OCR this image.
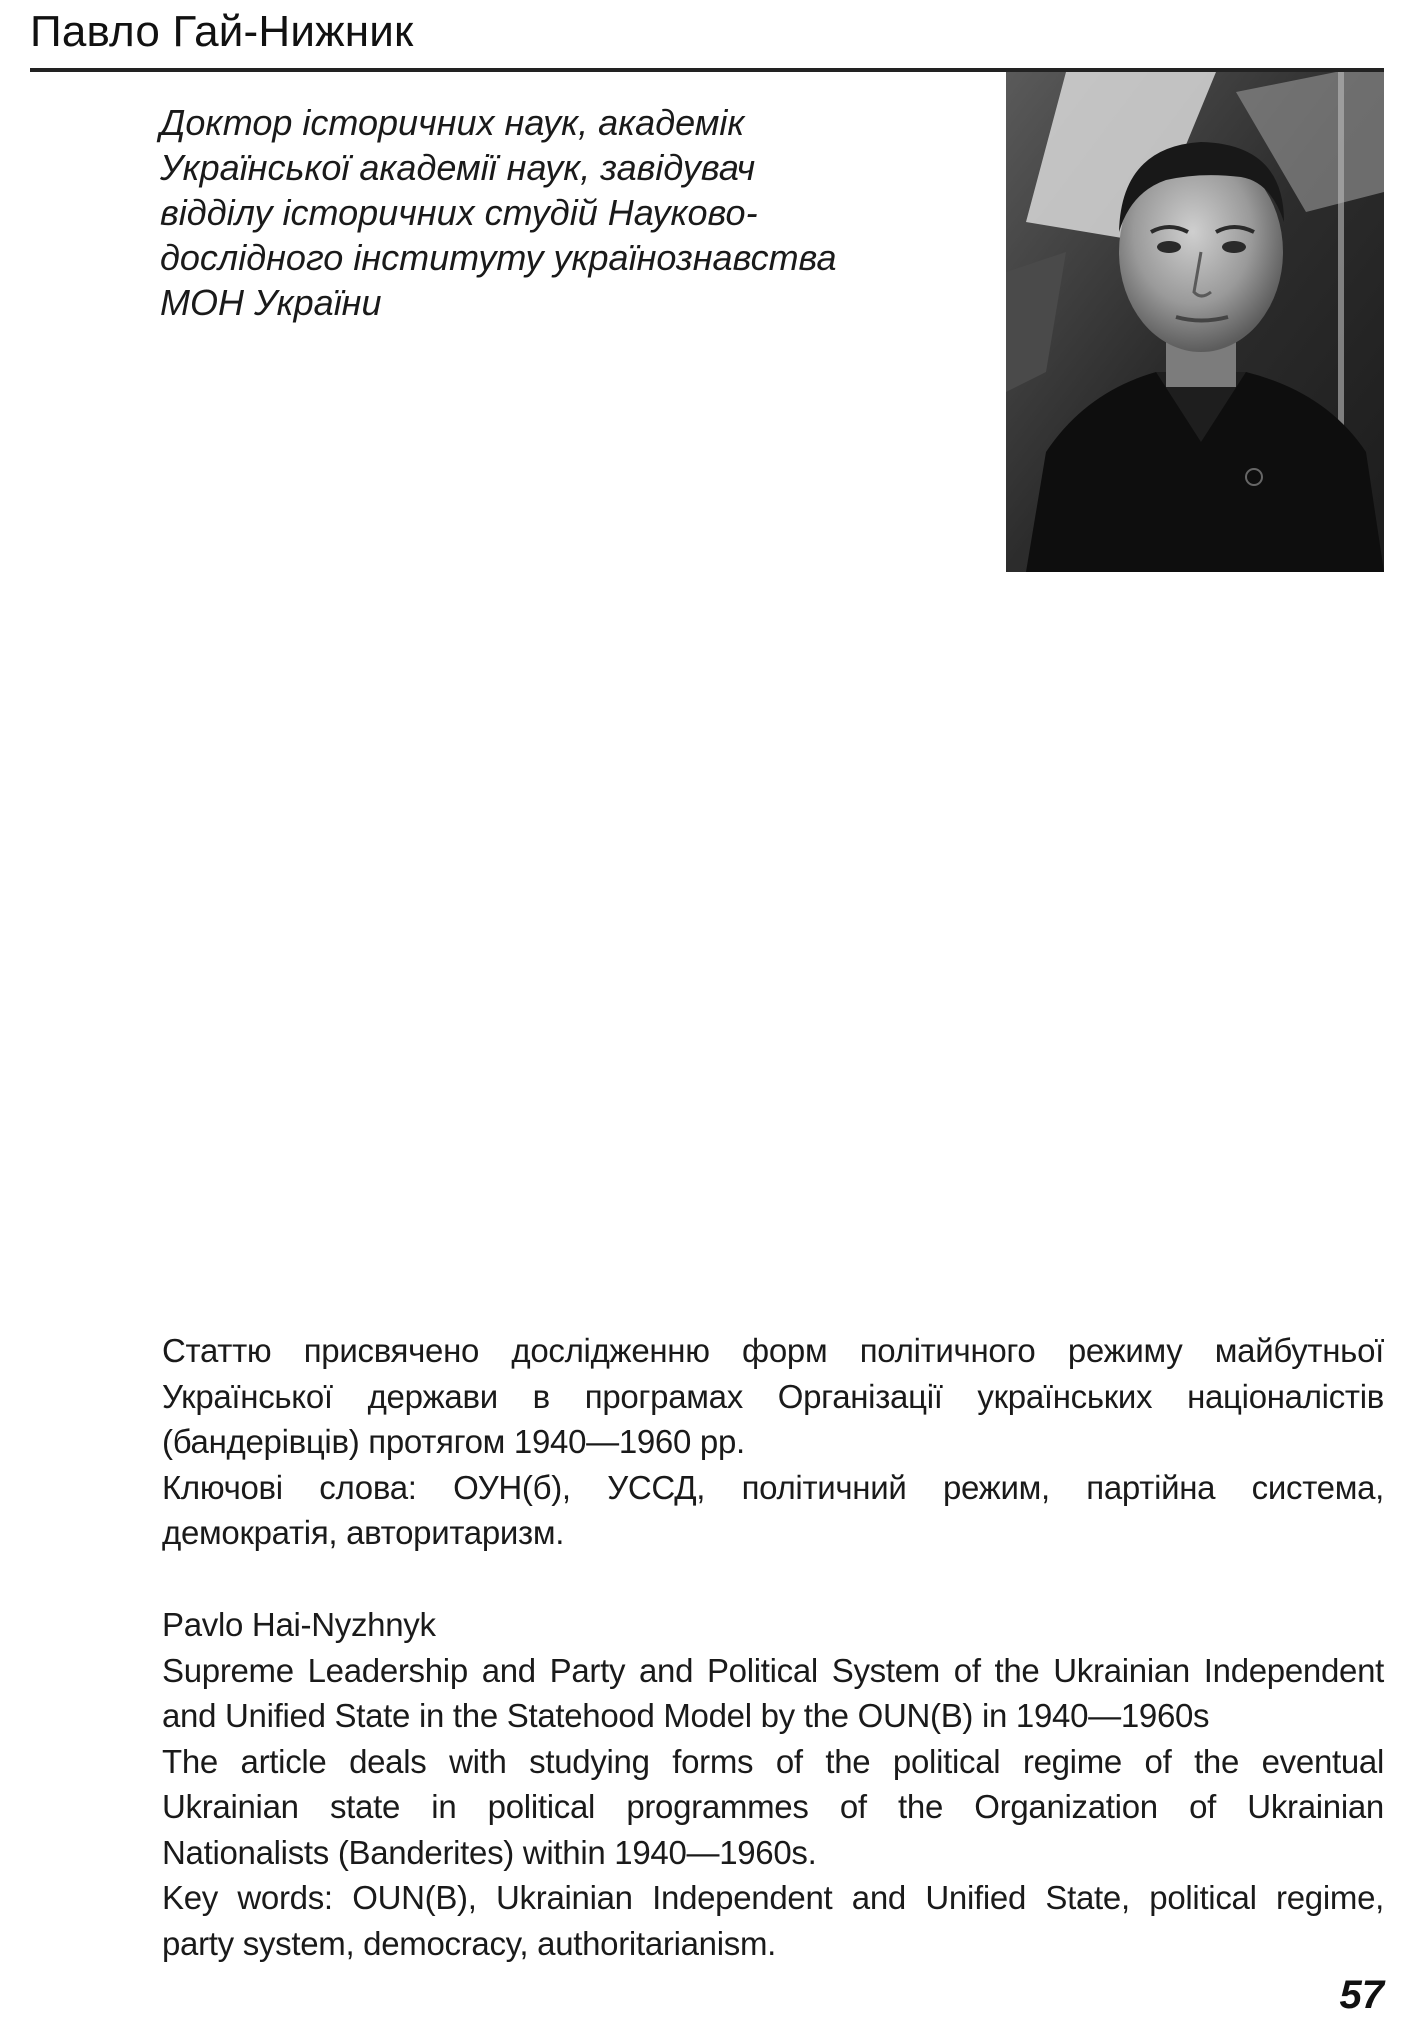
Павло Гай-Нижник
Доктор історичних наук, академік
Української академії наук, завідувач
відділу історичних студій Науково-
дослідного інституту українознавства
МОН України
Статтю присвячено дослідженню форм політичного режиму майбутньої
Української держави в програмах Організації українських націоналістів
(бандерівців) протягом 1940—1960 рр.
Ключові слова: ОУН(б), УССД, політичний режим, партійна система,
демократія, авторитаризм.
Pavlo Hai-Nyzhnyk
Supreme Leadership and Party and Political System of the Ukrainian Independent
and Unified State in the Statehood Model by the OUN(B) in 1940—1960s
The article deals with studying forms of the political regime of the eventual
Ukrainian state in political programmes of the Organization of Ukrainian
Nationalists (Banderites) within 1940—1960s.
Key words: OUN(B), Ukrainian Independent and Unified State, political regime,
party system, democracy, authoritarianism.
57
